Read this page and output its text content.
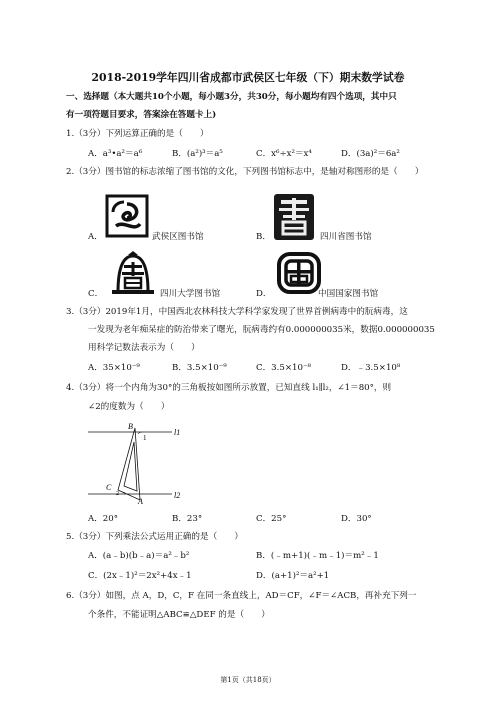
2018-2019学年四川省成都市武侯区七年级（下）期末数学试卷
一、选择题（本大题共10个小题，每小题3分，共30分，每小题均有四个选项，其中只
有一项符题目要求，答案涂在答题卡上)
1.（3分）下列运算正确的是（　　）
A．a³•a²＝a⁶	B．(a²)³＝a⁵	C．x⁶÷x²＝x⁴	D．(3a)²＝6a²
2.（3分）图书馆的标志浓缩了图书馆的文化，下列图书馆标志中，是轴对称图形的是（　　）
A．	武侯区图书馆	B．	四川省图书馆
C．	四川大学图书馆	D．	中国国家图书馆
3.（3分）2019年1月，中国西北农林科技大学科学家发现了世界首例病毒中的朊病毒，这
一发现为老年痴呆症的防治带来了曙光，朊病毒约有0.000000035米，数据0.000000035
用科学记数法表示为（　　）
A．35×10⁻⁹	B．3.5×10⁻⁹	C．3.5×10⁻⁸	D．﹣3.5×10⁸
4.（3分）将一个内角为30°的三角板按如图所示放置，已知直线 l₁∥l₂，∠1＝80°，则
∠2的度数为（　　）
B
1
l1
C
2
A
l2
A．20°	B．23°	C．25°	D．30°
5.（3分）下列乘法公式运用正确的是（　　）
A．(a﹣b)(b﹣a)＝a²﹣b²	B．(﹣m+1)(﹣m﹣1)＝m²﹣1
C．(2x﹣1)²＝2x²+4x﹣1	D．(a+1)²＝a²+1
6.（3分）如图，点 A，D，C，F 在同一条直线上，AD＝CF，∠F＝∠ACB，再补充下列一
个条件，不能证明△ABC≌△DEF 的是（　　）
第1页（共18页）
